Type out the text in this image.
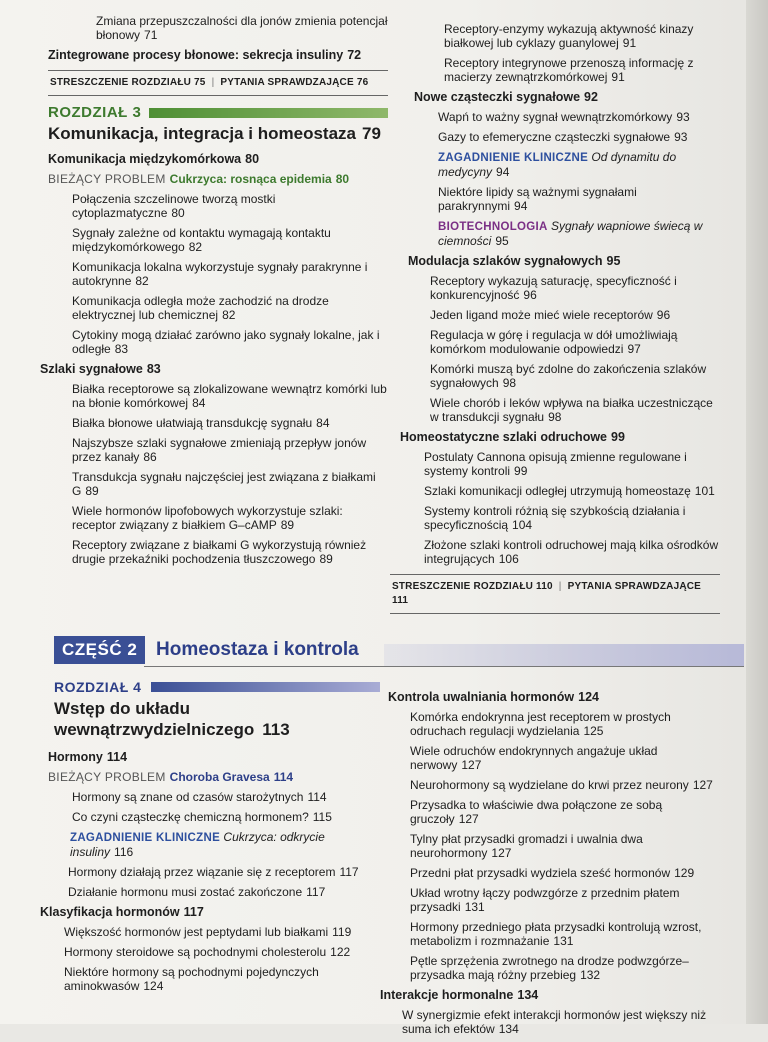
Zmiana przepuszczalności dla jonów zmienia potencjał błonowy 71
Zintegrowane procesy błonowe: sekrecja insuliny 72
STRESZCZENIE ROZDZIAŁU 75 | PYTANIA SPRAWDZAJĄCE 76
ROZDZIAŁ 3
Komunikacja, integracja i homeostaza 79
Komunikacja międzykomórkowa 80
BIEŻĄCY PROBLEM Cukrzyca: rosnąca epidemia 80
Połączenia szczelinowe tworzą mostki cytoplazmatyczne 80
Sygnały zależne od kontaktu wymagają kontaktu międzykomórkowego 82
Komunikacja lokalna wykorzystuje sygnały parakrynne i autokrynne 82
Komunikacja odległa może zachodzić na drodze elektrycznej lub chemicznej 82
Cytokiny mogą działać zarówno jako sygnały lokalne, jak i odległe 83
Szlaki sygnałowe 83
Białka receptorowe są zlokalizowane wewnątrz komórki lub na błonie komórkowej 84
Białka błonowe ułatwiają transdukcję sygnału 84
Najszybsze szlaki sygnałowe zmieniają przepływ jonów przez kanały 86
Transdukcja sygnału najczęściej jest związana z białkami G 89
Wiele hormonów lipofobowych wykorzystuje szlaki: receptor związany z białkiem G–cAMP 89
Receptory związane z białkami G wykorzystują również drugie przekaźniki pochodzenia tłuszczowego 89
Receptory-enzymy wykazują aktywność kinazy białkowej lub cyklazy guanylowej 91
Receptory integrynowe przenoszą informację z macierzy zewnątrzkomórkowej 91
Nowe cząsteczki sygnałowe 92
Wapń to ważny sygnał wewnątrzkomórkowy 93
Gazy to efemeryczne cząsteczki sygnałowe 93
ZAGADNIENIE KLINICZNE Od dynamitu do medycyny 94
Niektóre lipidy są ważnymi sygnałami parakrynnymi 94
BIOTECHNOLOGIA Sygnały wapniowe świecą w ciemności 95
Modulacja szlaków sygnałowych 95
Receptory wykazują saturację, specyficzność i konkurencyjność 96
Jeden ligand może mieć wiele receptorów 96
Regulacja w górę i regulacja w dół umożliwiają komórkom modulowanie odpowiedzi 97
Komórki muszą być zdolne do zakończenia szlaków sygnałowych 98
Wiele chorób i leków wpływa na białka uczestniczące w transdukcji sygnału 98
Homeostatyczne szlaki odruchowe 99
Postulaty Cannona opisują zmienne regulowane i systemy kontroli 99
Szlaki komunikacji odległej utrzymują homeostazę 101
Systemy kontroli różnią się szybkością działania i specyficznością 104
Złożone szlaki kontroli odruchowej mają kilka ośrodków integrujących 106
STRESZCZENIE ROZDZIAŁU 110 | PYTANIA SPRAWDZAJĄCE 111
CZĘŚĆ 2 Homeostaza i kontrola
ROZDZIAŁ 4
Wstęp do układu
wewnątrzwydzielniczego 113
Hormony 114
BIEŻĄCY PROBLEM Choroba Gravesa 114
Hormony są znane od czasów starożytnych 114
Co czyni cząsteczkę chemiczną hormonem? 115
ZAGADNIENIE KLINICZNE Cukrzyca: odkrycie insuliny 116
Hormony działają przez wiązanie się z receptorem 117
Działanie hormonu musi zostać zakończone 117
Klasyfikacja hormonów 117
Większość hormonów jest peptydami lub białkami 119
Hormony steroidowe są pochodnymi cholesterolu 122
Niektóre hormony są pochodnymi pojedynczych aminokwasów 124
Kontrola uwalniania hormonów 124
Komórka endokrynna jest receptorem w prostych odruchach regulacji wydzielania 125
Wiele odruchów endokrynnych angażuje układ nerwowy 127
Neurohormony są wydzielane do krwi przez neurony 127
Przysadka to właściwie dwa połączone ze sobą gruczoły 127
Tylny płat przysadki gromadzi i uwalnia dwa neurohormony 127
Przedni płat przysadki wydziela sześć hormonów 129
Układ wrotny łączy podwzgórze z przednim płatem przysadki 131
Hormony przedniego płata przysadki kontrolują wzrost, metabolizm i rozmnażanie 131
Pętle sprzężenia zwrotnego na drodze podwzgórze–przysadka mają różny przebieg 132
Interakcje hormonalne 134
W synergizmie efekt interakcji hormonów jest większy niż suma ich efektów 134
